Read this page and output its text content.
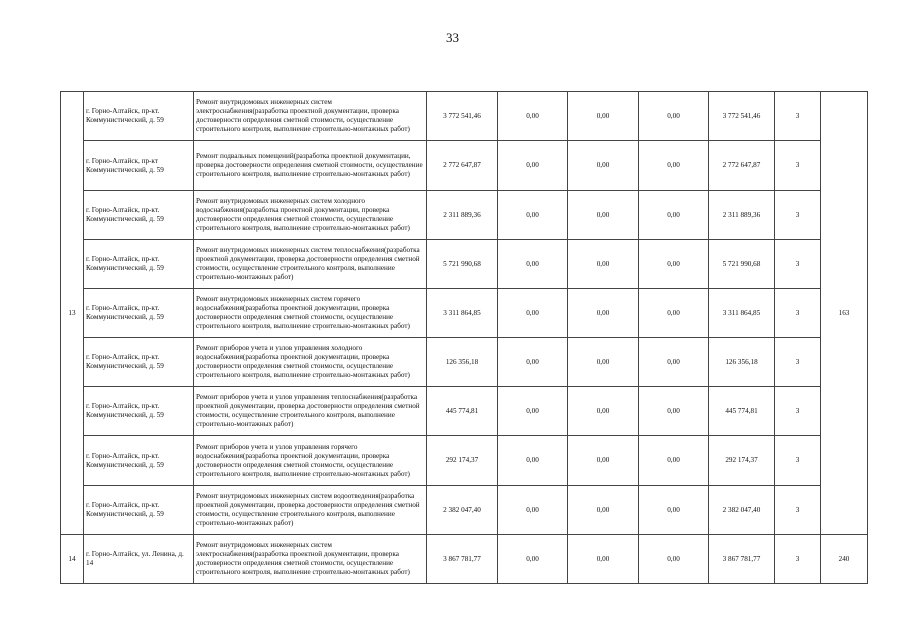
33
13	г. Горно-Алтайск, пр-кт. Коммунистический, д. 59	Ремонт внутридомовых инженерных систем электроснабжения(разработка проектной документации, проверка достоверности определения сметной стоимости, осуществление строительного контроля, выполнение строительно-монтажных работ)	3 772 541,46	0,00	0,00	0,00	3 772 541,46	3	163
	г. Горно-Алтайск, пр-кт Коммунистический, д. 59	Ремонт подвальных помещений(разработка проектной документации, проверка достоверности определения сметной стоимости, осуществление строительного контроля, выполнение строительно-монтажных работ)	2 772 647,87	0,00	0,00	0,00	2 772 647,87	3	
	г. Горно-Алтайск, пр-кт. Коммунистический, д. 59	Ремонт внутридомовых инженерных систем холодного водоснабжения(разработка проектной документации, проверка достоверности определения сметной стоимости, осуществление строительного контроля, выполнение строительно-монтажных работ)	2 311 889,36	0,00	0,00	0,00	2 311 889,36	3	
	г. Горно-Алтайск, пр-кт. Коммунистический, д. 59	Ремонт внутридомовых инженерных систем теплоснабжения(разработка проектной документации, проверка достоверности определения сметной стоимости, осуществление строительного контроля, выполнение строительно-монтажных работ)	5 721 990,68	0,00	0,00	0,00	5 721 990,68	3	
	г. Горно-Алтайск, пр-кт. Коммунистический, д. 59	Ремонт внутридомовых инженерных систем горячего водоснабжения(разработка проектной документации, проверка достоверности определения сметной стоимости, осуществление строительного контроля, выполнение строительно-монтажных работ)	3 311 864,85	0,00	0,00	0,00	3 311 864,85	3	
	г. Горно-Алтайск, пр-кт. Коммунистический, д. 59	Ремонт приборов учета и узлов управления холодного водоснабжения(разработка проектной документации, проверка достоверности определения сметной стоимости, осуществление строительного контроля, выполнение строительно-монтажных работ)	126 356,18	0,00	0,00	0,00	126 356,18	3	
	г. Горно-Алтайск, пр-кт. Коммунистический, д. 59	Ремонт приборов учета и узлов управления теплоснабжения(разработка проектной документации, проверка достоверности определения сметной стоимости, осуществление строительного контроля, выполнение строительно-монтажных работ)	445 774,81	0,00	0,00	0,00	445 774,81	3	
	г. Горно-Алтайск, пр-кт. Коммунистический, д. 59	Ремонт приборов учета и узлов управления горячего водоснабжения(разработка проектной документации, проверка достоверности определения сметной стоимости, осуществление строительного контроля, выполнение строительно-монтажных работ)	292 174,37	0,00	0,00	0,00	292 174,37	3	
	г. Горно-Алтайск, пр-кт. Коммунистический, д. 59	Ремонт внутридомовых инженерных систем водоотведения(разработка проектной документации, проверка достоверности определения сметной стоимости, осуществление строительного контроля, выполнение строительно-монтажных работ)	2 382 047,40	0,00	0,00	0,00	2 382 047,40	3	
14	г. Горно-Алтайск, ул. Ленина, д. 14	Ремонт внутридомовых инженерных систем электроснабжения(разработка проектной документации, проверка достоверности определения сметной стоимости, осуществление строительного контроля, выполнение строительно-монтажных работ)	3 867 781,77	0,00	0,00	0,00	3 867 781,77	3	240
